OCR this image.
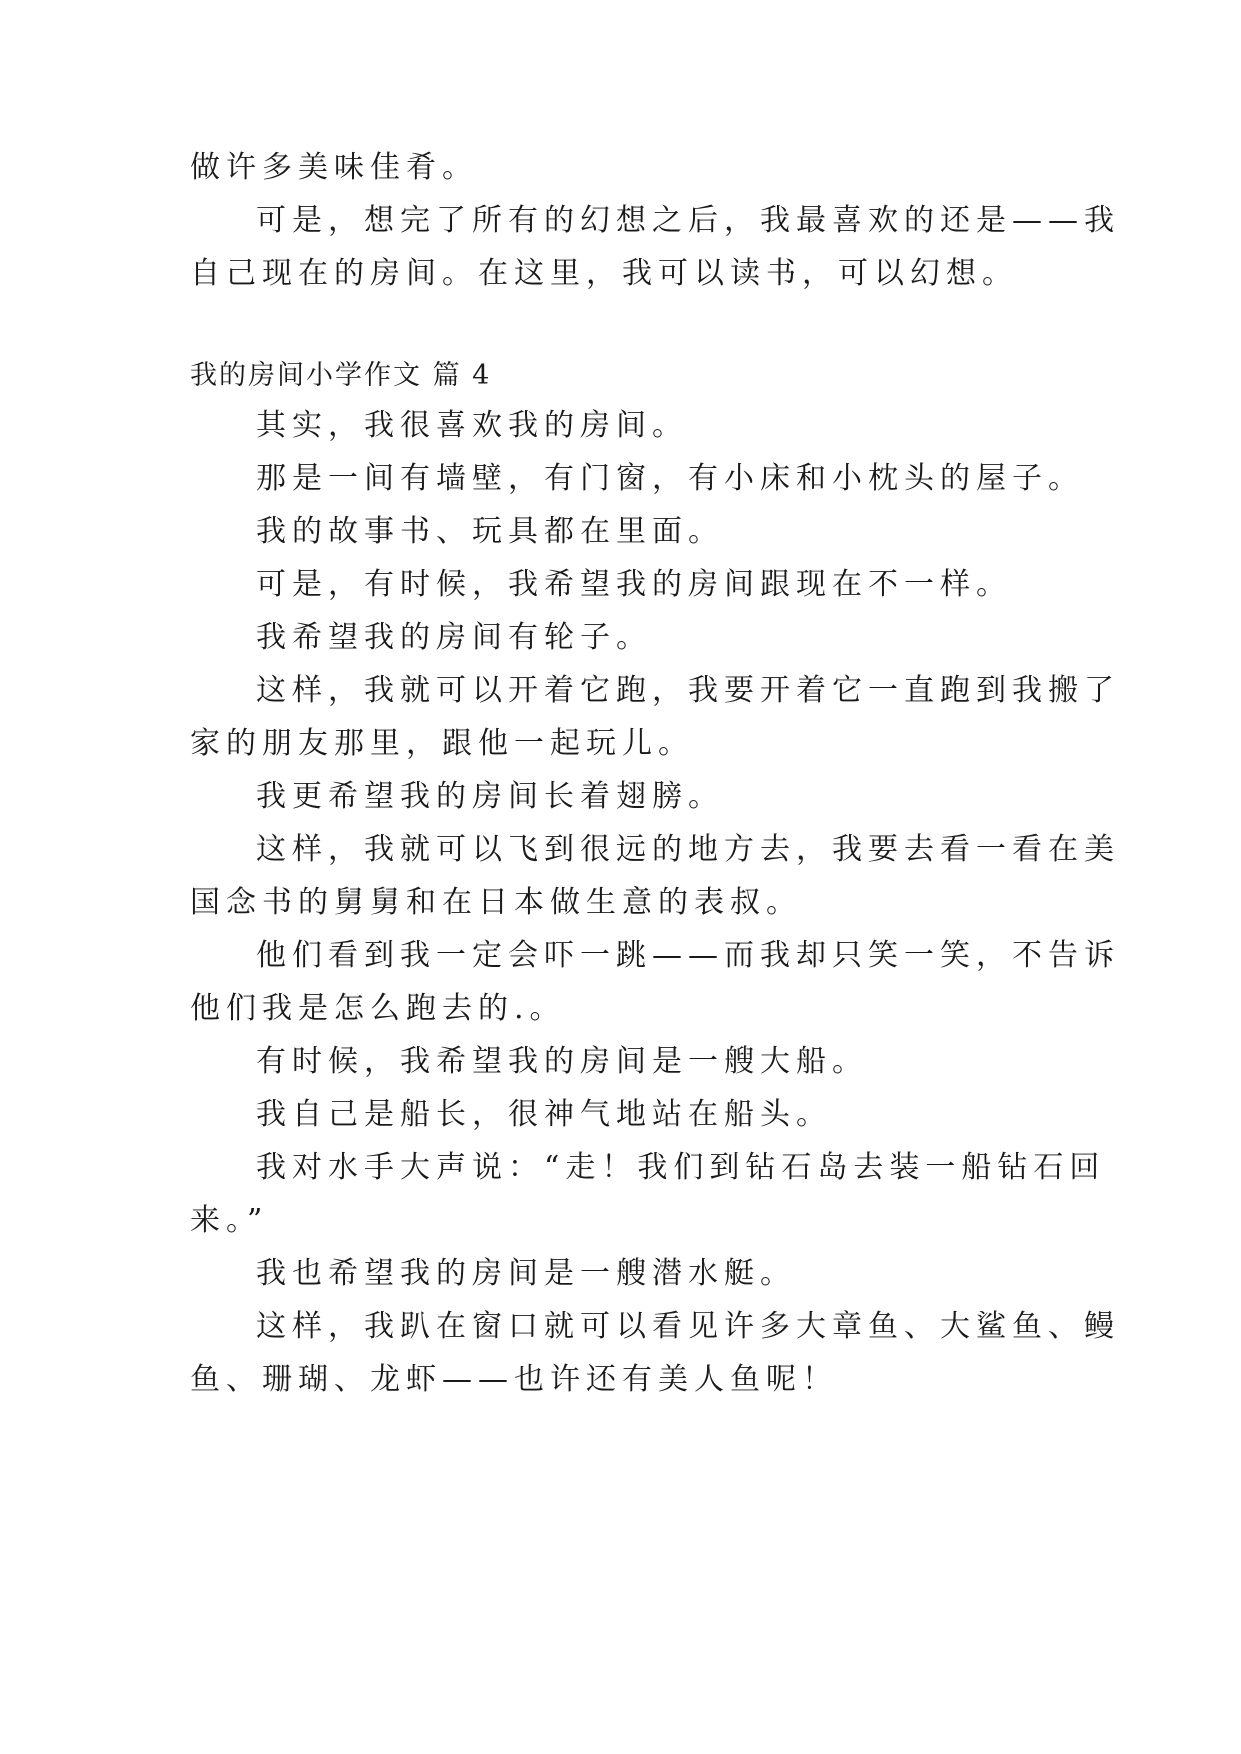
做许多美味佳肴。
可是，想完了所有的幻想之后，我最喜欢的还是——我
自己现在的房间。在这里，我可以读书，可以幻想。
我的房间小学作文 篇 4
其实，我很喜欢我的房间。
那是一间有墙壁，有门窗，有小床和小枕头的屋子。
我的故事书、玩具都在里面。
可是，有时候，我希望我的房间跟现在不一样。
我希望我的房间有轮子。
这样，我就可以开着它跑，我要开着它一直跑到我搬了
家的朋友那里，跟他一起玩儿。
我更希望我的房间长着翅膀。
这样，我就可以飞到很远的地方去，我要去看一看在美
国念书的舅舅和在日本做生意的表叔。
他们看到我一定会吓一跳——而我却只笑一笑，不告诉
他们我是怎么跑去的.。
有时候，我希望我的房间是一艘大船。
我自己是船长，很神气地站在船头。
我对水手大声说：“走！我们到钻石岛去装一船钻石回
来。”
我也希望我的房间是一艘潜水艇。
这样，我趴在窗口就可以看见许多大章鱼、大鲨鱼、鳗
鱼、珊瑚、龙虾——也许还有美人鱼呢！
